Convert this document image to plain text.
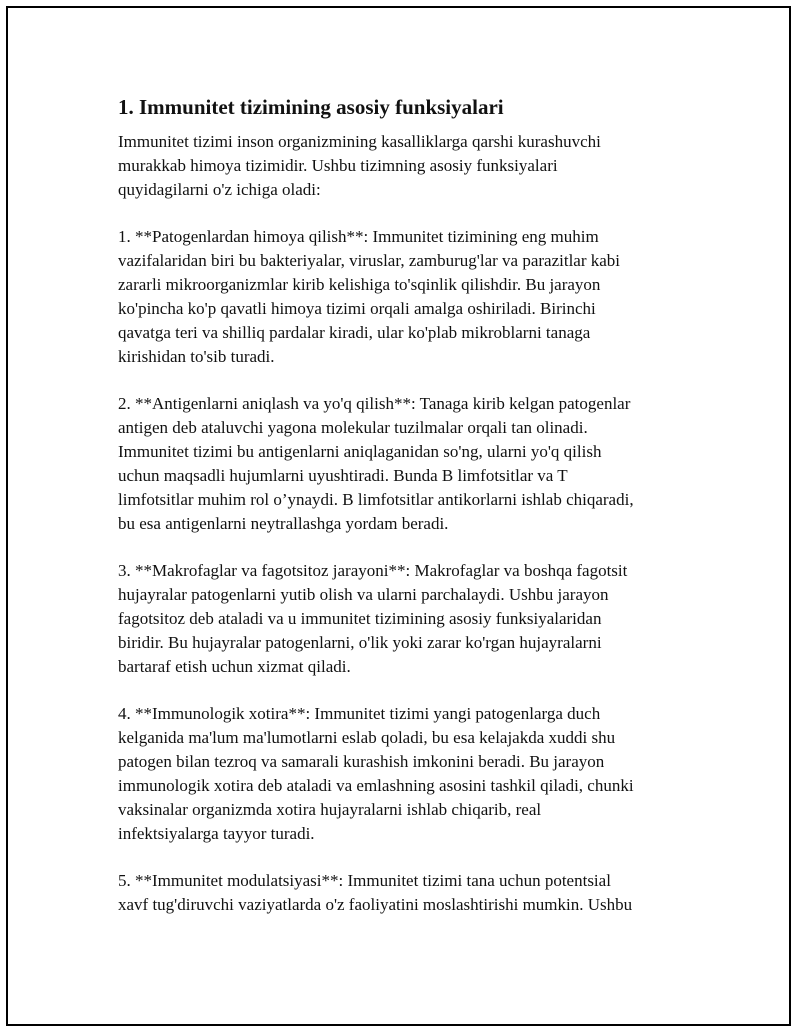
1. Immunitet tizimining asosiy funksiyalari
Immunitet tizimi inson organizmining kasalliklarga qarshi kurashuvchi
murakkab himoya tizimidir. Ushbu tizimning asosiy funksiyalari
quyidagilarni o'z ichiga oladi:
1. **Patogenlardan himoya qilish**: Immunitet tizimining eng muhim
vazifalaridan biri bu bakteriyalar, viruslar, zamburug'lar va parazitlar kabi
zararli mikroorganizmlar kirib kelishiga to'sqinlik qilishdir. Bu jarayon
ko'pincha ko'p qavatli himoya tizimi orqali amalga oshiriladi. Birinchi
qavatga teri va shilliq pardalar kiradi, ular ko'plab mikroblarni tanaga
kirishidan to'sib turadi.
2. **Antigenlarni aniqlash va yo'q qilish**: Tanaga kirib kelgan patogenlar
antigen deb ataluvchi yagona molekular tuzilmalar orqali tan olinadi.
Immunitet tizimi bu antigenlarni aniqlaganidan so'ng, ularni yo'q qilish
uchun maqsadli hujumlarni uyushtiradi. Bunda B limfotsitlar va T
limfotsitlar muhim rol o’ynaydi. B limfotsitlar antikorlarni ishlab chiqaradi,
bu esa antigenlarni neytrallashga yordam beradi.
3. **Makrofaglar va fagotsitoz jarayoni**: Makrofaglar va boshqa fagotsit
hujayralar patogenlarni yutib olish va ularni parchalaydi. Ushbu jarayon
fagotsitoz deb ataladi va u immunitet tizimining asosiy funksiyalaridan
biridir. Bu hujayralar patogenlarni, o'lik yoki zarar ko'rgan hujayralarni
bartaraf etish uchun xizmat qiladi.
4. **Immunologik xotira**: Immunitet tizimi yangi patogenlarga duch
kelganida ma'lum ma'lumotlarni eslab qoladi, bu esa kelajakda xuddi shu
patogen bilan tezroq va samarali kurashish imkonini beradi. Bu jarayon
immunologik xotira deb ataladi va emlashning asosini tashkil qiladi, chunki
vaksinalar organizmda xotira hujayralarni ishlab chiqarib, real
infektsiyalarga tayyor turadi.
5. **Immunitet modulatsiyasi**: Immunitet tizimi tana uchun potentsial
xavf tug'diruvchi vaziyatlarda o'z faoliyatini moslashtirishi mumkin. Ushbu
